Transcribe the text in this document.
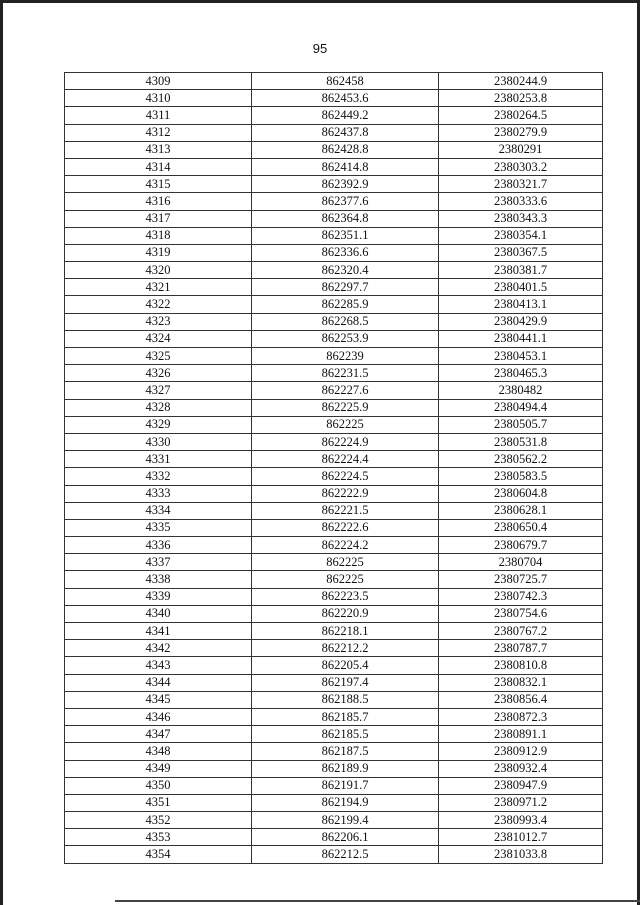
95
4309	862458	2380244.9
4310	862453.6	2380253.8
4311	862449.2	2380264.5
4312	862437.8	2380279.9
4313	862428.8	2380291
4314	862414.8	2380303.2
4315	862392.9	2380321.7
4316	862377.6	2380333.6
4317	862364.8	2380343.3
4318	862351.1	2380354.1
4319	862336.6	2380367.5
4320	862320.4	2380381.7
4321	862297.7	2380401.5
4322	862285.9	2380413.1
4323	862268.5	2380429.9
4324	862253.9	2380441.1
4325	862239	2380453.1
4326	862231.5	2380465.3
4327	862227.6	2380482
4328	862225.9	2380494.4
4329	862225	2380505.7
4330	862224.9	2380531.8
4331	862224.4	2380562.2
4332	862224.5	2380583.5
4333	862222.9	2380604.8
4334	862221.5	2380628.1
4335	862222.6	2380650.4
4336	862224.2	2380679.7
4337	862225	2380704
4338	862225	2380725.7
4339	862223.5	2380742.3
4340	862220.9	2380754.6
4341	862218.1	2380767.2
4342	862212.2	2380787.7
4343	862205.4	2380810.8
4344	862197.4	2380832.1
4345	862188.5	2380856.4
4346	862185.7	2380872.3
4347	862185.5	2380891.1
4348	862187.5	2380912.9
4349	862189.9	2380932.4
4350	862191.7	2380947.9
4351	862194.9	2380971.2
4352	862199.4	2380993.4
4353	862206.1	2381012.7
4354	862212.5	2381033.8
